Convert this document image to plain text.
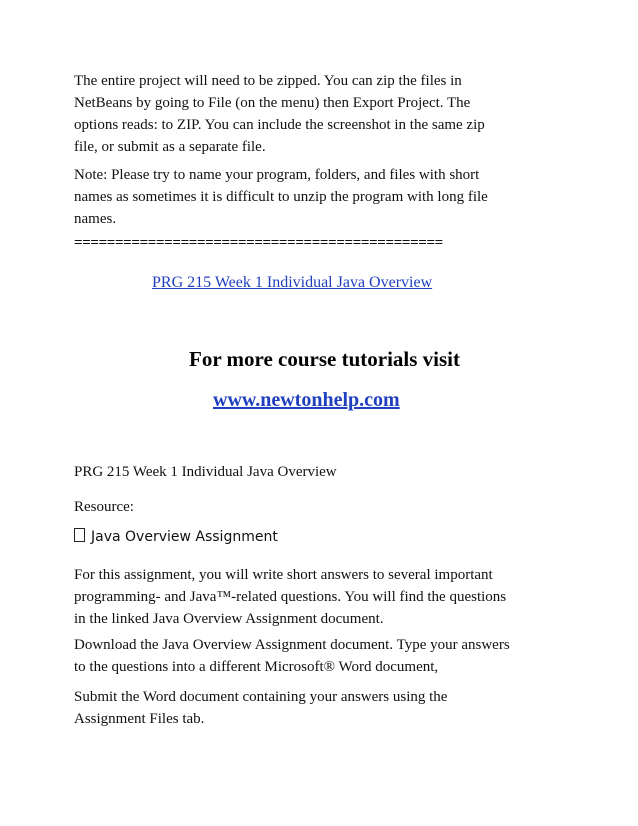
The entire project will need to be zipped. You can zip the files in
NetBeans by going to File (on the menu) then Export Project. The
options reads: to ZIP. You can include the screenshot in the same zip
file, or submit as a separate file.
Note: Please try to name your program, folders, and files with short
names as sometimes it is difficult to unzip the program with long file
names.
=============================================
PRG 215 Week 1 Individual Java Overview
For more course tutorials visit
www.newtonhelp.com
PRG 215 Week 1 Individual Java Overview
Resource:
Java Overview Assignment
For this assignment, you will write short answers to several important
programming- and Java™-related questions. You will find the questions
in the linked Java Overview Assignment document.
Download the Java Overview Assignment document. Type your answers
to the questions into a different Microsoft® Word document,
Submit the Word document containing your answers using the
Assignment Files tab.
